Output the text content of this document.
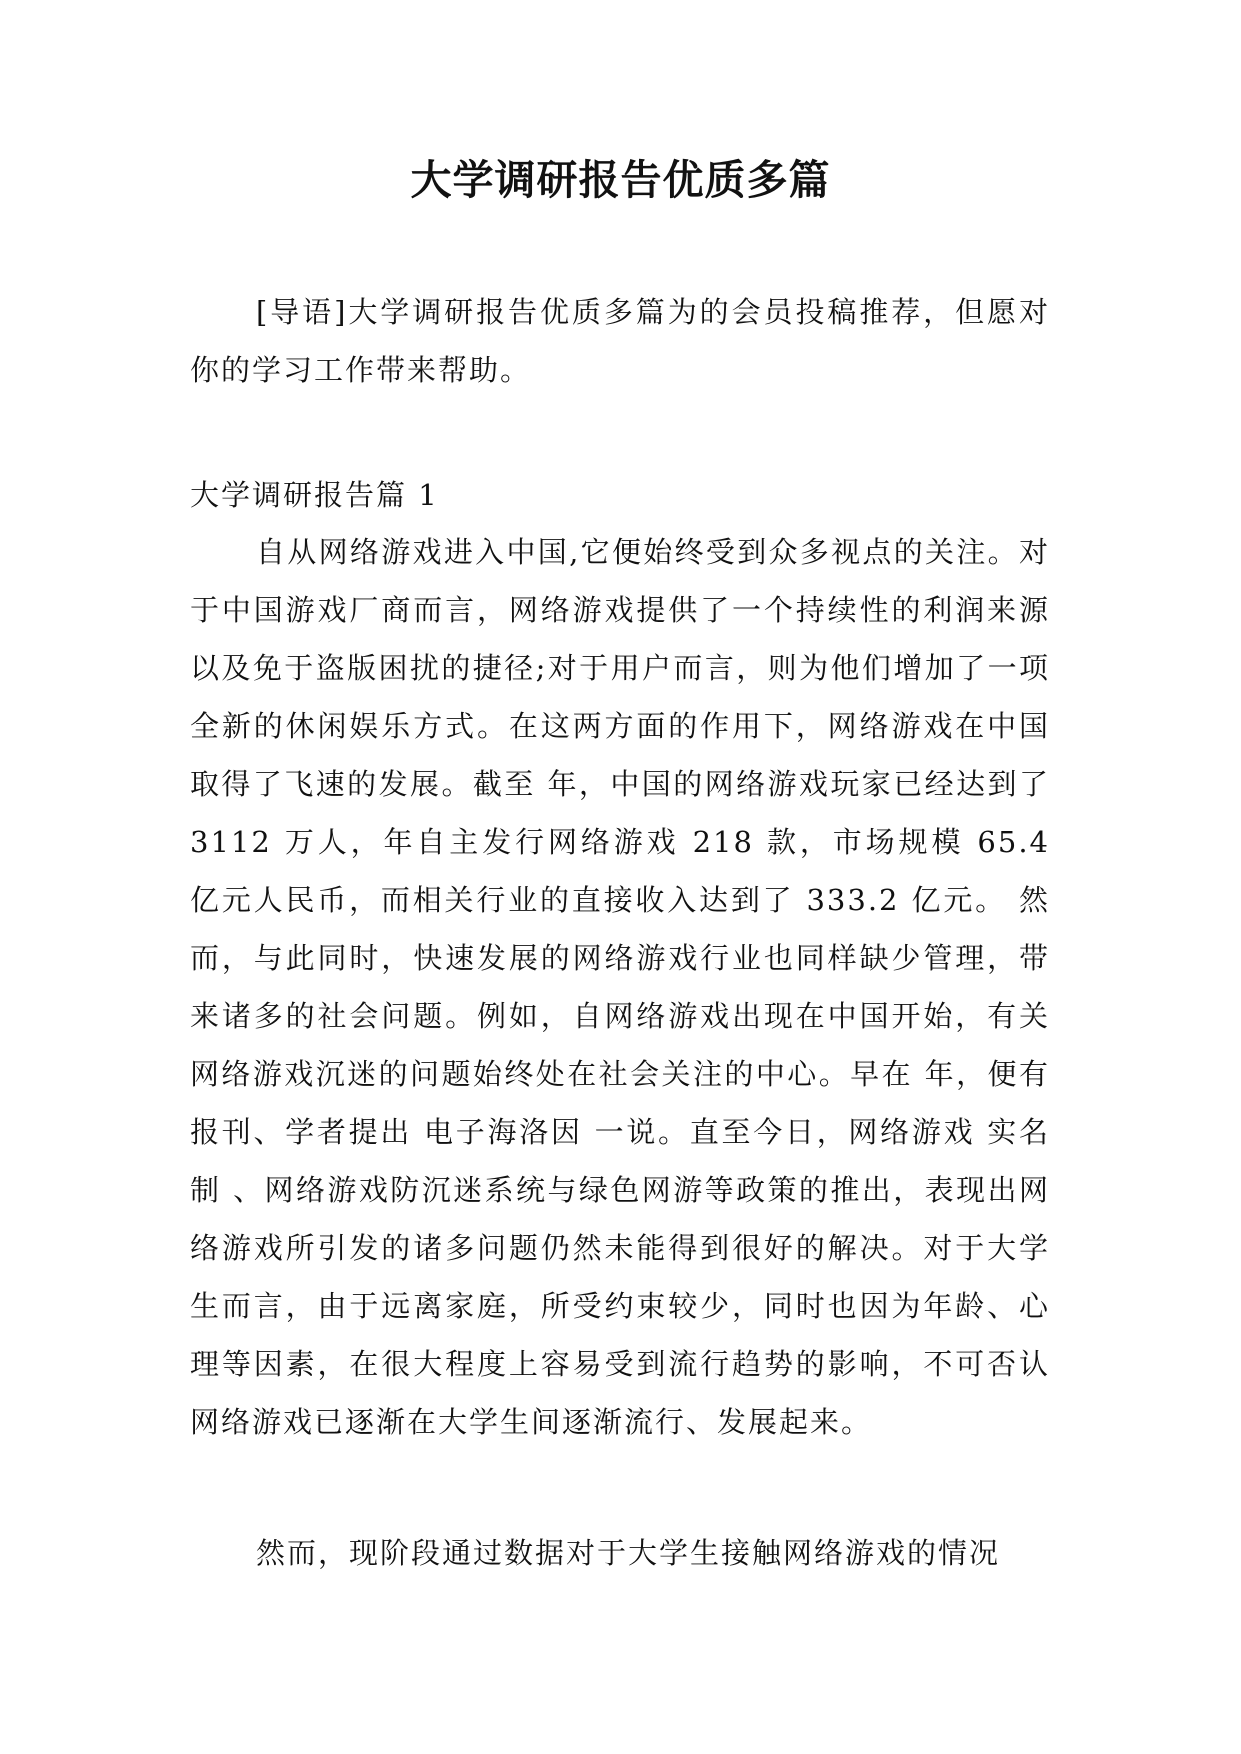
大学调研报告优质多篇

[导语]大学调研报告优质多篇为的会员投稿推荐，但愿对你的学习工作带来帮助。

大学调研报告篇 1

自从网络游戏进入中国,它便始终受到众多视点的关注。对于中国游戏厂商而言，网络游戏提供了一个持续性的利润来源以及免于盗版困扰的捷径;对于用户而言，则为他们增加了一项全新的休闲娱乐方式。在这两方面的作用下，网络游戏在中国取得了飞速的发展。截至 年，中国的网络游戏玩家已经达到了 3112 万人，年自主发行网络游戏 218 款，市场规模 65.4 亿元人民币，而相关行业的直接收入达到了 333.2 亿元。 然而，与此同时，快速发展的网络游戏行业也同样缺少管理，带来诸多的社会问题。例如，自网络游戏出现在中国开始，有关网络游戏沉迷的问题始终处在社会关注的中心。早在 年，便有报刊、学者提出 电子海洛因 一说。直至今日，网络游戏 实名制 、网络游戏防沉迷系统与绿色网游等政策的推出，表现出网络游戏所引发的诸多问题仍然未能得到很好的解决。对于大学生而言，由于远离家庭，所受约束较少，同时也因为年龄、心理等因素，在很大程度上容易受到流行趋势的影响，不可否认网络游戏已逐渐在大学生间逐渐流行、发展起来。

然而，现阶段通过数据对于大学生接触网络游戏的情况
